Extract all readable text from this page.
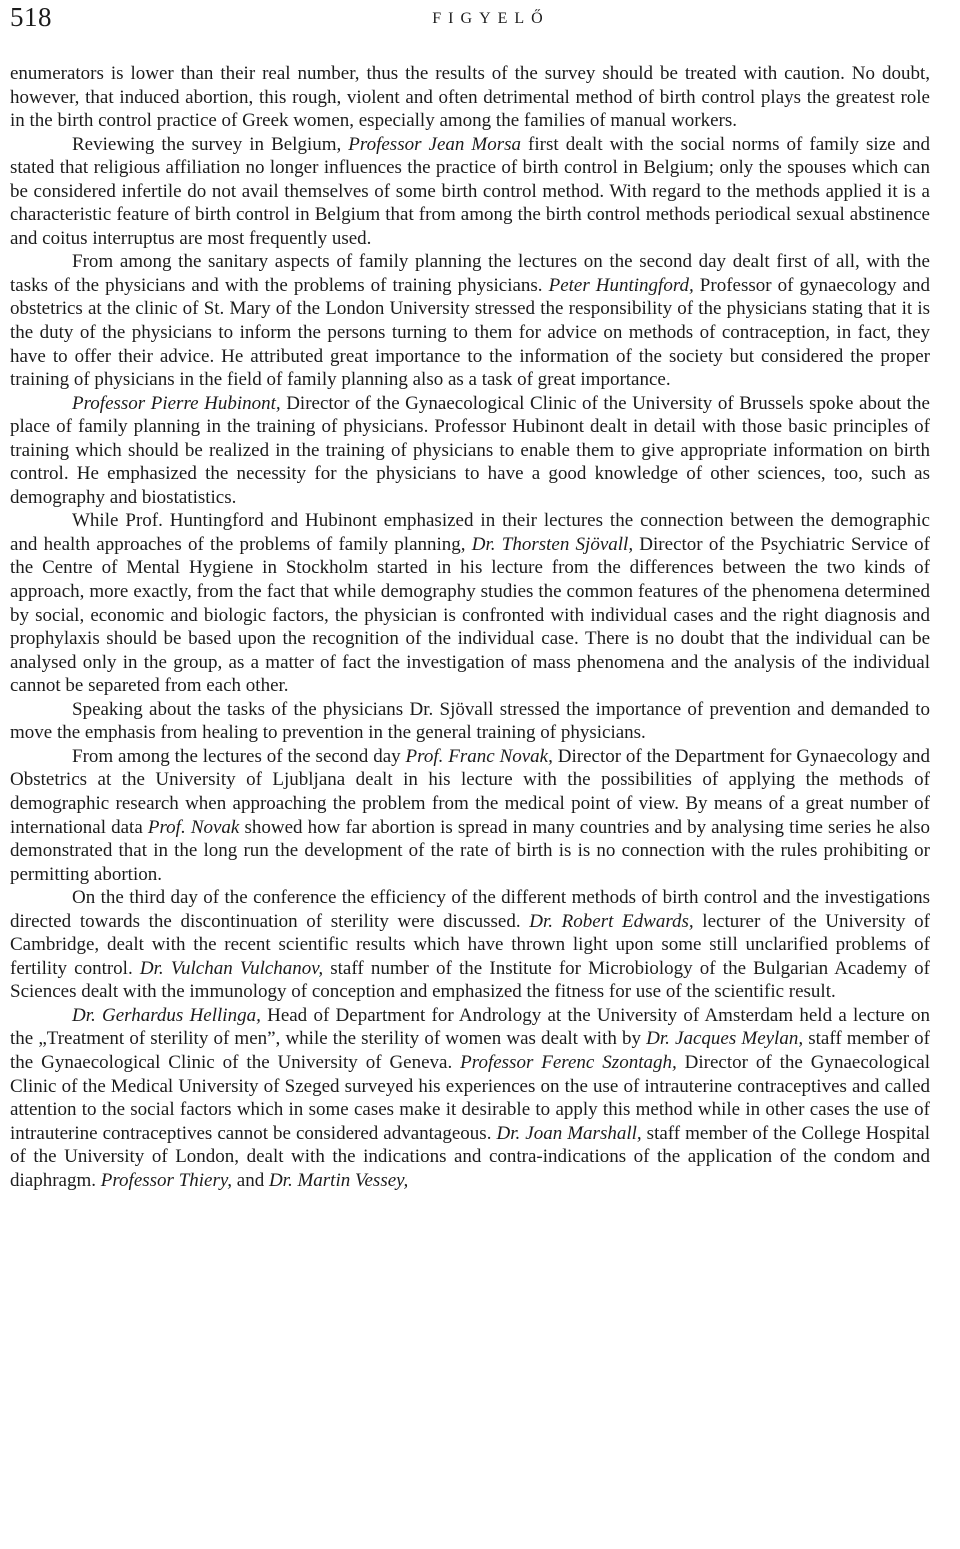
518	FIGYELŐ

enumerators is lower than their real number, thus the results of the survey should be treated with caution. No doubt, however, that induced abortion, this rough, violent and often detrimental method of birth control plays the greatest role in the birth control practice of Greek women, especially among the families of manual workers.

Reviewing the survey in Belgium, Professor Jean Morsa first dealt with the social norms of family size and stated that religious affiliation no longer influences the practice of birth control in Belgium; only the spouses which can be considered infertile do not avail themselves of some birth control method. With regard to the methods applied it is a characteristic feature of birth control in Belgium that from among the birth control methods periodical sexual abstinence and coitus interruptus are most frequently used.

From among the sanitary aspects of family planning the lectures on the second day dealt first of all, with the tasks of the physicians and with the problems of training physicians. Peter Huntingford, Professor of gynaecology and obstetrics at the clinic of St. Mary of the London University stressed the responsibility of the physicians stating that it is the duty of the physicians to inform the persons turning to them for advice on methods of contraception, in fact, they have to offer their advice. He attributed great importance to the information of the society but considered the proper training of physicians in the field of family planning also as a task of great importance.

Professor Pierre Hubinont, Director of the Gynaecological Clinic of the University of Brussels spoke about the place of family planning in the training of physicians. Professor Hubinont dealt in detail with those basic principles of training which should be realized in the training of physicians to enable them to give appropriate information on birth control. He emphasized the necessity for the physicians to have a good knowledge of other sciences, too, such as demography and biostatistics.

While Prof. Huntingford and Hubinont emphasized in their lectures the connection between the demographic and health approaches of the problems of family planning, Dr. Thorsten Sjövall, Director of the Psychiatric Service of the Centre of Mental Hygiene in Stockholm started in his lecture from the differences between the two kinds of approach, more exactly, from the fact that while demography studies the common features of the phenomena determined by social, economic and biologic factors, the physician is confronted with individual cases and the right diagnosis and prophylaxis should be based upon the recognition of the individual case. There is no doubt that the individual can be analysed only in the group, as a matter of fact the investigation of mass phenomena and the analysis of the individual cannot be separeted from each other.

Speaking about the tasks of the physicians Dr. Sjövall stressed the importance of prevention and demanded to move the emphasis from healing to prevention in the general training of physicians.

From among the lectures of the second day Prof. Franc Novak, Director of the Department for Gynaecology and Obstetrics at the University of Ljubljana dealt in his lecture with the possibilities of applying the methods of demographic research when approaching the problem from the medical point of view. By means of a great number of international data Prof. Novak showed how far abortion is spread in many countries and by analysing time series he also demonstrated that in the long run the development of the rate of birth is is no connection with the rules prohibiting or permitting abortion.

On the third day of the conference the efficiency of the different methods of birth control and the investigations directed towards the discontinuation of sterility were discussed. Dr. Robert Edwards, lecturer of the University of Cambridge, dealt with the recent scientific results which have thrown light upon some still unclarified problems of fertility control. Dr. Vulchan Vulchanov, staff number of the Institute for Microbiology of the Bulgarian Academy of Sciences dealt with the immunology of conception and emphasized the fitness for use of the scientific result.

Dr. Gerhardus Hellinga, Head of Department for Andrology at the University of Amsterdam held a lecture on the „Treatment of sterility of men”, while the sterility of women was dealt with by Dr. Jacques Meylan, staff member of the Gynaecological Clinic of the University of Geneva. Professor Ferenc Szontagh, Director of the Gynaecological Clinic of the Medical University of Szeged surveyed his experiences on the use of intrauterine contraceptives and called attention to the social factors which in some cases make it desirable to apply this method while in other cases the use of intrauterine contraceptives cannot be considered advantageous. Dr. Joan Marshall, staff member of the College Hospital of the University of London, dealt with the indications and contra-indications of the application of the condom and diaphragm. Professor Thiery, and Dr. Martin Vessey,
